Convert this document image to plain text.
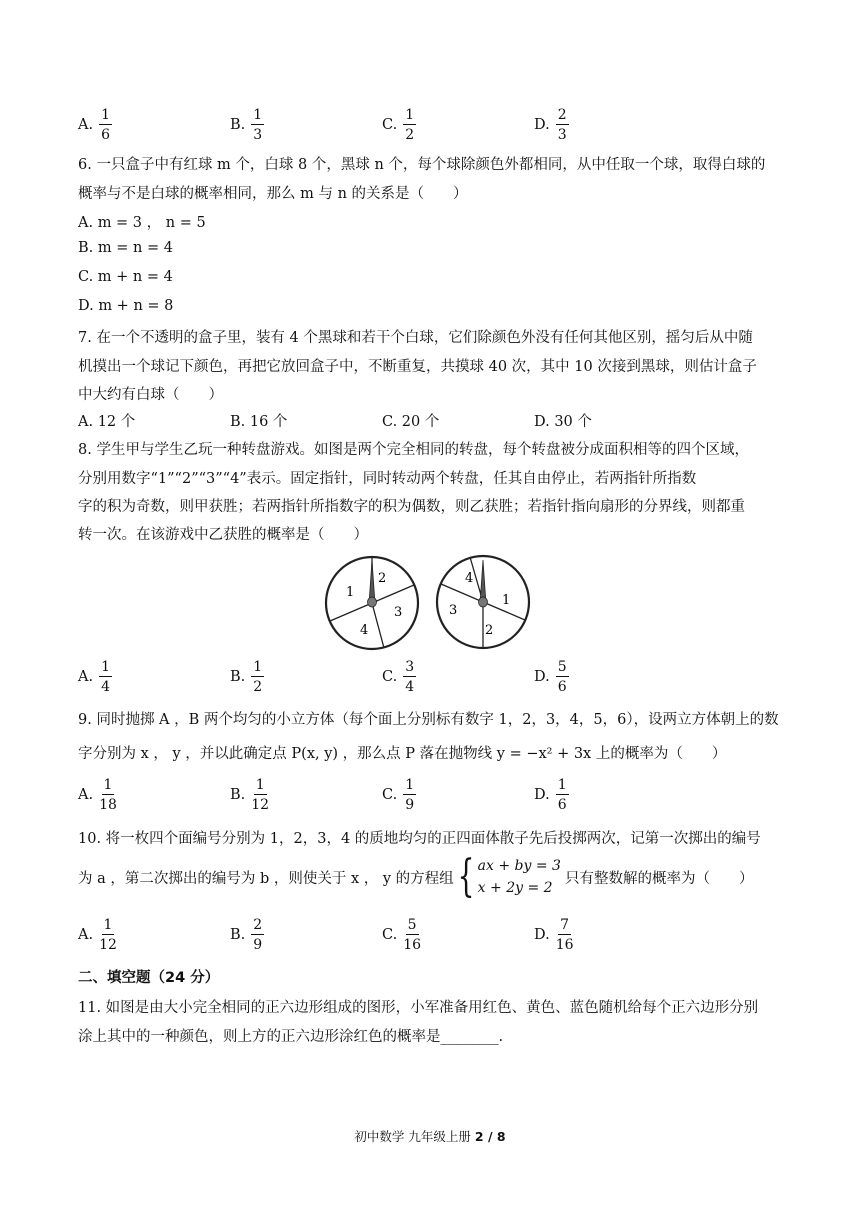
A. $\frac{1}{6}$	B. $\frac{1}{3}$	C. $\frac{1}{2}$	D. $\frac{2}{3}$
6. 一只盒子中有红球 m 个，白球 8 个，黑球 n 个，每个球除颜色外都相同，从中任取一个球，取得白球的
概率与不是白球的概率相同，那么 m 与 n 的关系是（　　）
A. m = 3 ， n = 5
B. m = n = 4
C. m + n = 4
D. m + n = 8
7. 在一个不透明的盒子里，装有 4 个黑球和若干个白球，它们除颜色外没有任何其他区别，摇匀后从中随
机摸出一个球记下颜色，再把它放回盒子中，不断重复，共摸球 40 次，其中 10 次接到黑球，则估计盒子
中大约有白球（　　）
A. 12 个	B. 16 个	C. 20 个	D. 30 个
8. 学生甲与学生乙玩一种转盘游戏。如图是两个完全相同的转盘，每个转盘被分成面积相等的四个区域，
分别用数字“1”“2”“3”“4”表示。固定指针，同时转动两个转盘，任其自由停止，若两指针所指数
字的积为奇数，则甲获胜；若两指针所指数字的积为偶数，则乙获胜；若指针指向扇形的分界线，则都重
转一次。在该游戏中乙获胜的概率是（　　）
1
2
3
4
4
1
2
3
A. $\frac{1}{4}$	B. $\frac{1}{2}$	C. $\frac{3}{4}$	D. $\frac{5}{6}$
9. 同时抛掷 A ，B 两个均匀的小立方体（每个面上分别标有数字 1，2，3，4，5，6），设两立方体朝上的数
字分别为 x ， y ，并以此确定点 P(x, y) ，那么点 P 落在抛物线 y = −x² + 3x 上的概率为（　　）
A. $\frac{1}{18}$	B. $\frac{1}{12}$	C. $\frac{1}{9}$	D. $\frac{1}{6}$
10. 将一枚四个面编号分别为 1，2，3，4 的质地均匀的正四面体散子先后投掷两次，记第一次掷出的编号
为 a ，第二次掷出的编号为 b ，则使关于 x ， y 的方程组 { ax + by = 3
x + 2y = 2
只有整数解的概率为（　　）
A. $\frac{1}{12}$	B. $\frac{2}{9}$	C. $\frac{5}{16}$	D. $\frac{7}{16}$
二、填空题（24 分）
11. 如图是由大小完全相同的正六边形组成的图形，小军准备用红色、黄色、蓝色随机给每个正六边形分别
涂上其中的一种颜色，则上方的正六边形涂红色的概率是________.
初中数学 九年级上册 2 / 8
